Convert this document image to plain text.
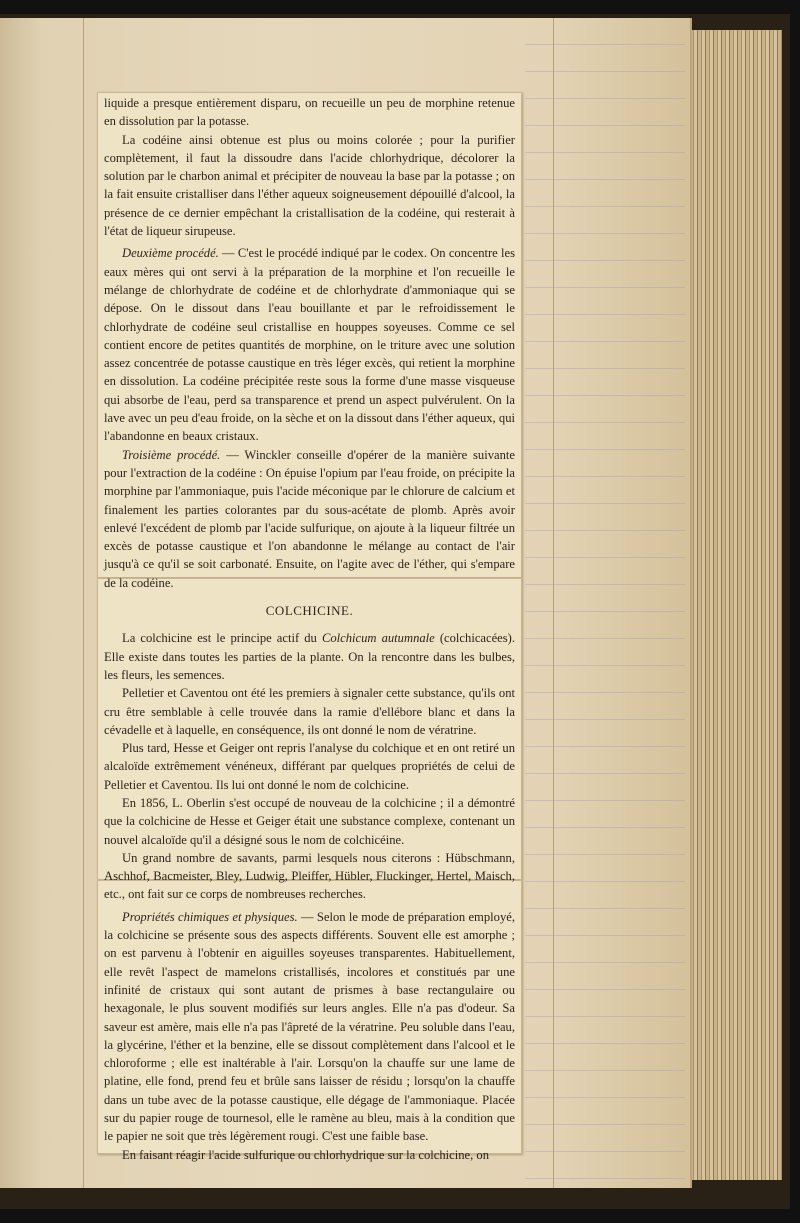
liquide a presque entièrement disparu, on recueille un peu de morphine retenue en dissolution par la potasse.

La codéine ainsi obtenue est plus ou moins colorée ; pour la purifier complètement, il faut la dissoudre dans l'acide chlorhydrique, décolorer la solution par le charbon animal et précipiter de nouveau la base par la potasse ; on la fait ensuite cristalliser dans l'éther aqueux soigneusement dépouillé d'alcool, la présence de ce dernier empêchant la cristallisation de la codéine, qui resterait à l'état de liqueur sirupeuse.

Deuxième procédé. — C'est le procédé indiqué par le codex. On concentre les eaux mères qui ont servi à la préparation de la morphine et l'on recueille le mélange de chlorhydrate de codéine et de chlorhydrate d'ammoniaque qui se dépose. On le dissout dans l'eau bouillante et par le refroidissement le chlorhydrate de codéine seul cristallise en houppes soyeuses. Comme ce sel contient encore de petites quantités de morphine, on le triture avec une solution assez concentrée de potasse caustique en très léger excès, qui retient la morphine en dissolution. La codéine précipitée reste sous la forme d'une masse visqueuse qui absorbe de l'eau, perd sa transparence et prend un aspect pulvérulent. On la lave avec un peu d'eau froide, on la sèche et on la dissout dans l'éther aqueux, qui l'abandonne en beaux cristaux.

Troisième procédé. — Winckler conseille d'opérer de la manière suivante pour l'extraction de la codéine : On épuise l'opium par l'eau froide, on précipite la morphine par l'ammoniaque, puis l'acide méconique par le chlorure de calcium et finalement les parties colorantes par du sous-acétate de plomb. Après avoir enlevé l'excédent de plomb par l'acide sulfurique, on ajoute à la liqueur filtrée un excès de potasse caustique et l'on abandonne le mélange au contact de l'air jusqu'à ce qu'il se soit carbonaté. Ensuite, on l'agite avec de l'éther, qui s'empare de la codéine.

COLCHICINE.

La colchicine est le principe actif du Colchicum autumnale (colchicacées). Elle existe dans toutes les parties de la plante. On la rencontre dans les bulbes, les fleurs, les semences.

Pelletier et Caventou ont été les premiers à signaler cette substance, qu'ils ont cru être semblable à celle trouvée dans la ramie d'ellébore blanc et dans la cévadelle et à laquelle, en conséquence, ils ont donné le nom de vératrine.

Plus tard, Hesse et Geiger ont repris l'analyse du colchique et en ont retiré un alcaloïde extrêmement vénéneux, différant par quelques propriétés de celui de Pelletier et Caventou. Ils lui ont donné le nom de colchicine.

En 1856, L. Oberlin s'est occupé de nouveau de la colchicine ; il a démontré que la colchicine de Hesse et Geiger était une substance complexe, contenant un nouvel alcaloïde qu'il a désigné sous le nom de colchicéine.

Un grand nombre de savants, parmi lesquels nous citerons : Hübschmann, Aschhof, Bacmeister, Bley, Ludwig, Pleiffer, Hübler, Fluckinger, Hertel, Maisch, etc., ont fait sur ce corps de nombreuses recherches.

Propriétés chimiques et physiques. — Selon le mode de préparation employé, la colchicine se présente sous des aspects différents. Souvent elle est amorphe ; on est parvenu à l'obtenir en aiguilles soyeuses transparentes. Habituellement, elle revêt l'aspect de mamelons cristallisés, incolores et constitués par une infinité de cristaux qui sont autant de prismes à base rectangulaire ou hexagonale, le plus souvent modifiés sur leurs angles. Elle n'a pas d'odeur. Sa saveur est amère, mais elle n'a pas l'âpreté de la vératrine. Peu soluble dans l'eau, la glycérine, l'éther et la benzine, elle se dissout complètement dans l'alcool et le chloroforme ; elle est inaltérable à l'air. Lorsqu'on la chauffe sur une lame de platine, elle fond, prend feu et brûle sans laisser de résidu ; lorsqu'on la chauffe dans un tube avec de la potasse caustique, elle dégage de l'ammoniaque. Placée sur du papier rouge de tournesol, elle le ramène au bleu, mais à la condition que le papier ne soit que très légèrement rougi. C'est une faible base.

En faisant réagir l'acide sulfurique ou chlorhydrique sur la colchicine, on
